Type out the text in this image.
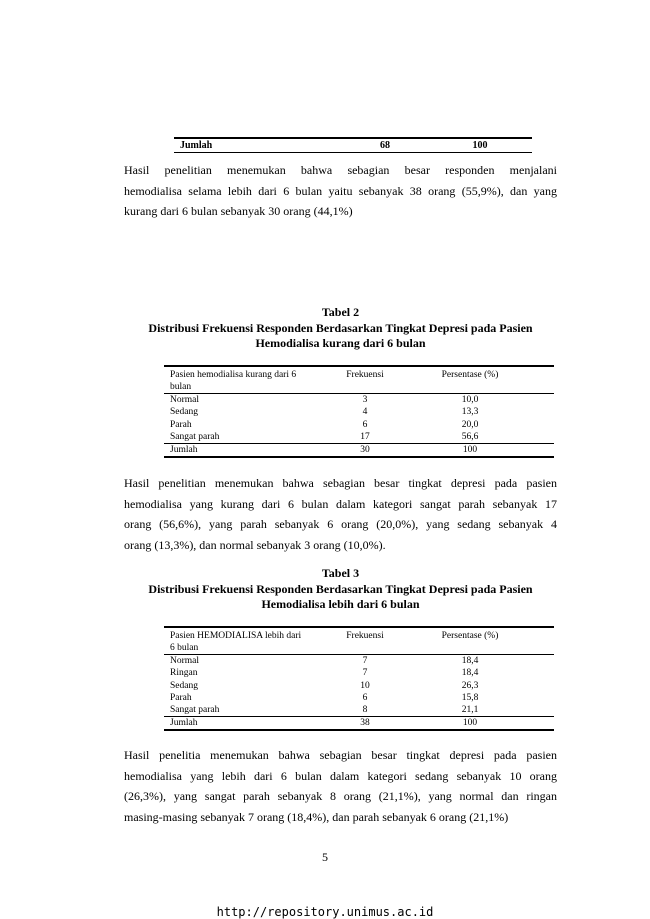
Jumlah	68	100
Hasil penelitian menemukan bahwa sebagian besar responden menjalani
hemodialisa selama lebih dari 6 bulan yaitu sebanyak 38 orang (55,9%), dan yang
kurang dari 6 bulan sebanyak 30 orang (44,1%)
Tabel 2
Distribusi Frekuensi Responden Berdasarkan Tingkat Depresi pada Pasien
Hemodialisa kurang dari 6 bulan
Pasien hemodialisa kurang dari 6
bulan
Frekuensi	Persentase (%)
Normal	3	10,0
Sedang	4	13,3
Parah	6	20,0
Sangat parah	17	56,6
Jumlah	30	100
Hasil penelitian menemukan bahwa sebagian besar tingkat depresi pada pasien
hemodialisa yang kurang dari 6 bulan dalam kategori sangat parah sebanyak 17
orang (56,6%), yang parah sebanyak 6 orang (20,0%), yang sedang sebanyak 4
orang (13,3%), dan normal sebanyak 3 orang (10,0%).
Tabel 3
Distribusi Frekuensi Responden Berdasarkan Tingkat Depresi pada Pasien
Hemodialisa lebih dari 6 bulan
Pasien HEMODIALISA lebih dari
6 bulan
Frekuensi	Persentase (%)
Normal	7	18,4
Ringan	7	18,4
Sedang	10	26,3
Parah	6	15,8
Sangat parah	8	21,1
Jumlah	38	100
Hasil penelitia menemukan bahwa sebagian besar tingkat depresi pada pasien
hemodialisa yang lebih dari 6 bulan dalam kategori sedang sebanyak 10 orang
(26,3%), yang sangat parah sebanyak 8 orang (21,1%), yang normal dan ringan
masing-masing sebanyak 7 orang (18,4%), dan parah sebanyak 6 orang (21,1%)
5
http://repository.unimus.ac.id
